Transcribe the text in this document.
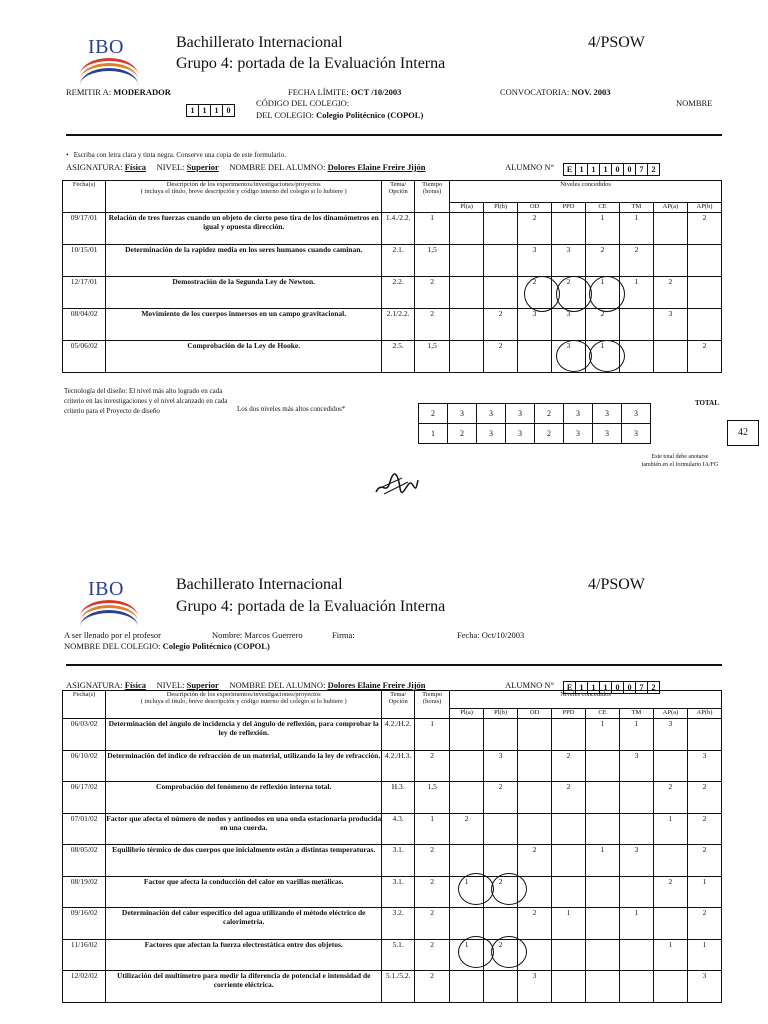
IBO	Bachillerato Internacional
Grupo 4: portada de la Evaluación Interna
4/PSOW
REMITIR A: MODERADOR	FECHA LÍMITE: OCT /10/2003	CONVOCATORIA: NOV. 2003
CÓDIGO DEL COLEGIO:	NOMBRE
1	1	1	0	DEL COLEGIO: Colegio Politécnico (COPOL)
•   Escriba con letra clara y tinta negra. Conserve una copia de este formulario.
ASIGNATURA: Física NIVEL: Superior NOMBRE DEL ALUMNO: Dolores Elaine Freire Jijón	ALUMNO N°	E 1	1	1	0	0	7	2
Fecha(s)	Descripción de los experimentos/investigaciones/proyectos
( incluya el título, breve descripción y código interno del colegio si lo hubiere )	Tema/
Opción	Tiempo
(horas)	Niveles concedidos							
				Pl(a)	Pl(b)	OD	PPD	CE	TM	AP(a)	AP(b)
09/17/01	Relación de tres fuerzas cuando un objeto de cierto peso tira de los dinamómetros en igual y opuesta dirección.	1.4./2.2.	1			2		1	1		2
10/15/01	Determinación de la rapidez media en los seres humanos cuando caminan.	2.1.	1,5			3	3	2	2		
12/17/01	Demostración de la Segunda Ley de Newton.	2.2.	2			2	2	1	1	2	
08/04/02	Movimiento de los cuerpos inmersos en un campo gravitacional.	2.1/2.2.	2		2	3	3	2		3	
05/06/02	Comprobación de la Ley de Hooke.	2.5.	1,5		2		3	1			2
Tecnología del diseño: El nivel más alto logrado en cada criterio en las investigaciones y el nivel alcanzado en cada criterio para el Proyecto de diseño	Los dos niveles más altos concedidos*	2	3	3	3	2	3	3	3
1	2	3	3	2	3	3	3
TOTAL
42
Este total debe anotarse
también en el formulario IA/FG
IBO	Bachillerato Internacional
Grupo 4: portada de la Evaluación Interna
4/PSOW
A ser llenado por el profesor	Nombre: Marcos Guerrero	Firma:	Fecha: Oct/10/2003
NOMBRE DEL COLEGIO: Colegio Politécnico (COPOL)
ASIGNATURA: Física NIVEL: Superior NOMBRE DEL ALUMNO: Dolores Elaine Freire Jijón	ALUMNO N°	E 1	1	1	0	0	7	2
Fecha(s)	Descripción de los experimentos/investigaciones/proyectos
( incluya el título, breve descripción y código interno del colegio si lo hubiere )	Tema/
Opción	Tiempo
(horas)	Niveles concedidos							
				Pl(a)	Pl(b)	OD	PPD	CE	TM	AP(a)	AP(b)
06/03/02	Determinación del ángulo de incidencia y del ángulo de reflexión, para comprobar la ley de reflexión.	4.2./H.2.	1					1	1	3	
06/10/02	Determinación del índice de refracción de un material, utilizando la ley de refracción.	4.2./H.3.	2		3		2		3		3
06/17/02	Comprobación del fenómeno de reflexión interna total.	H.3.	1,5		2		2			2	2
07/01/02	Factor que afecta el número de nodos y antinodos en una onda estacionaria producida en una cuerda.	4.3.	1	2						1	2
08/05/02	Equilibrio térmico de dos cuerpos que inicialmente están a distintas temperaturas.	3.1.	2			2		1	3		2
08/19/02	Factor que afecta la conducción del calor en varillas metálicas.	3.1.	2	1	2					2	1
09/16/02	Determinación del calor específico del agua utilizando el método eléctrico de calorimetría.	3.2.	2			2	1		1		2
11/16/02	Factores que afectan la fuerza electrostática entre dos objetos.	5.1.	2	1	2					1	1
12/02/02	Utilización del multímetro para medir la diferencia de potencial e intensidad de corriente eléctrica.	5.1./5.2.	2			3					3
